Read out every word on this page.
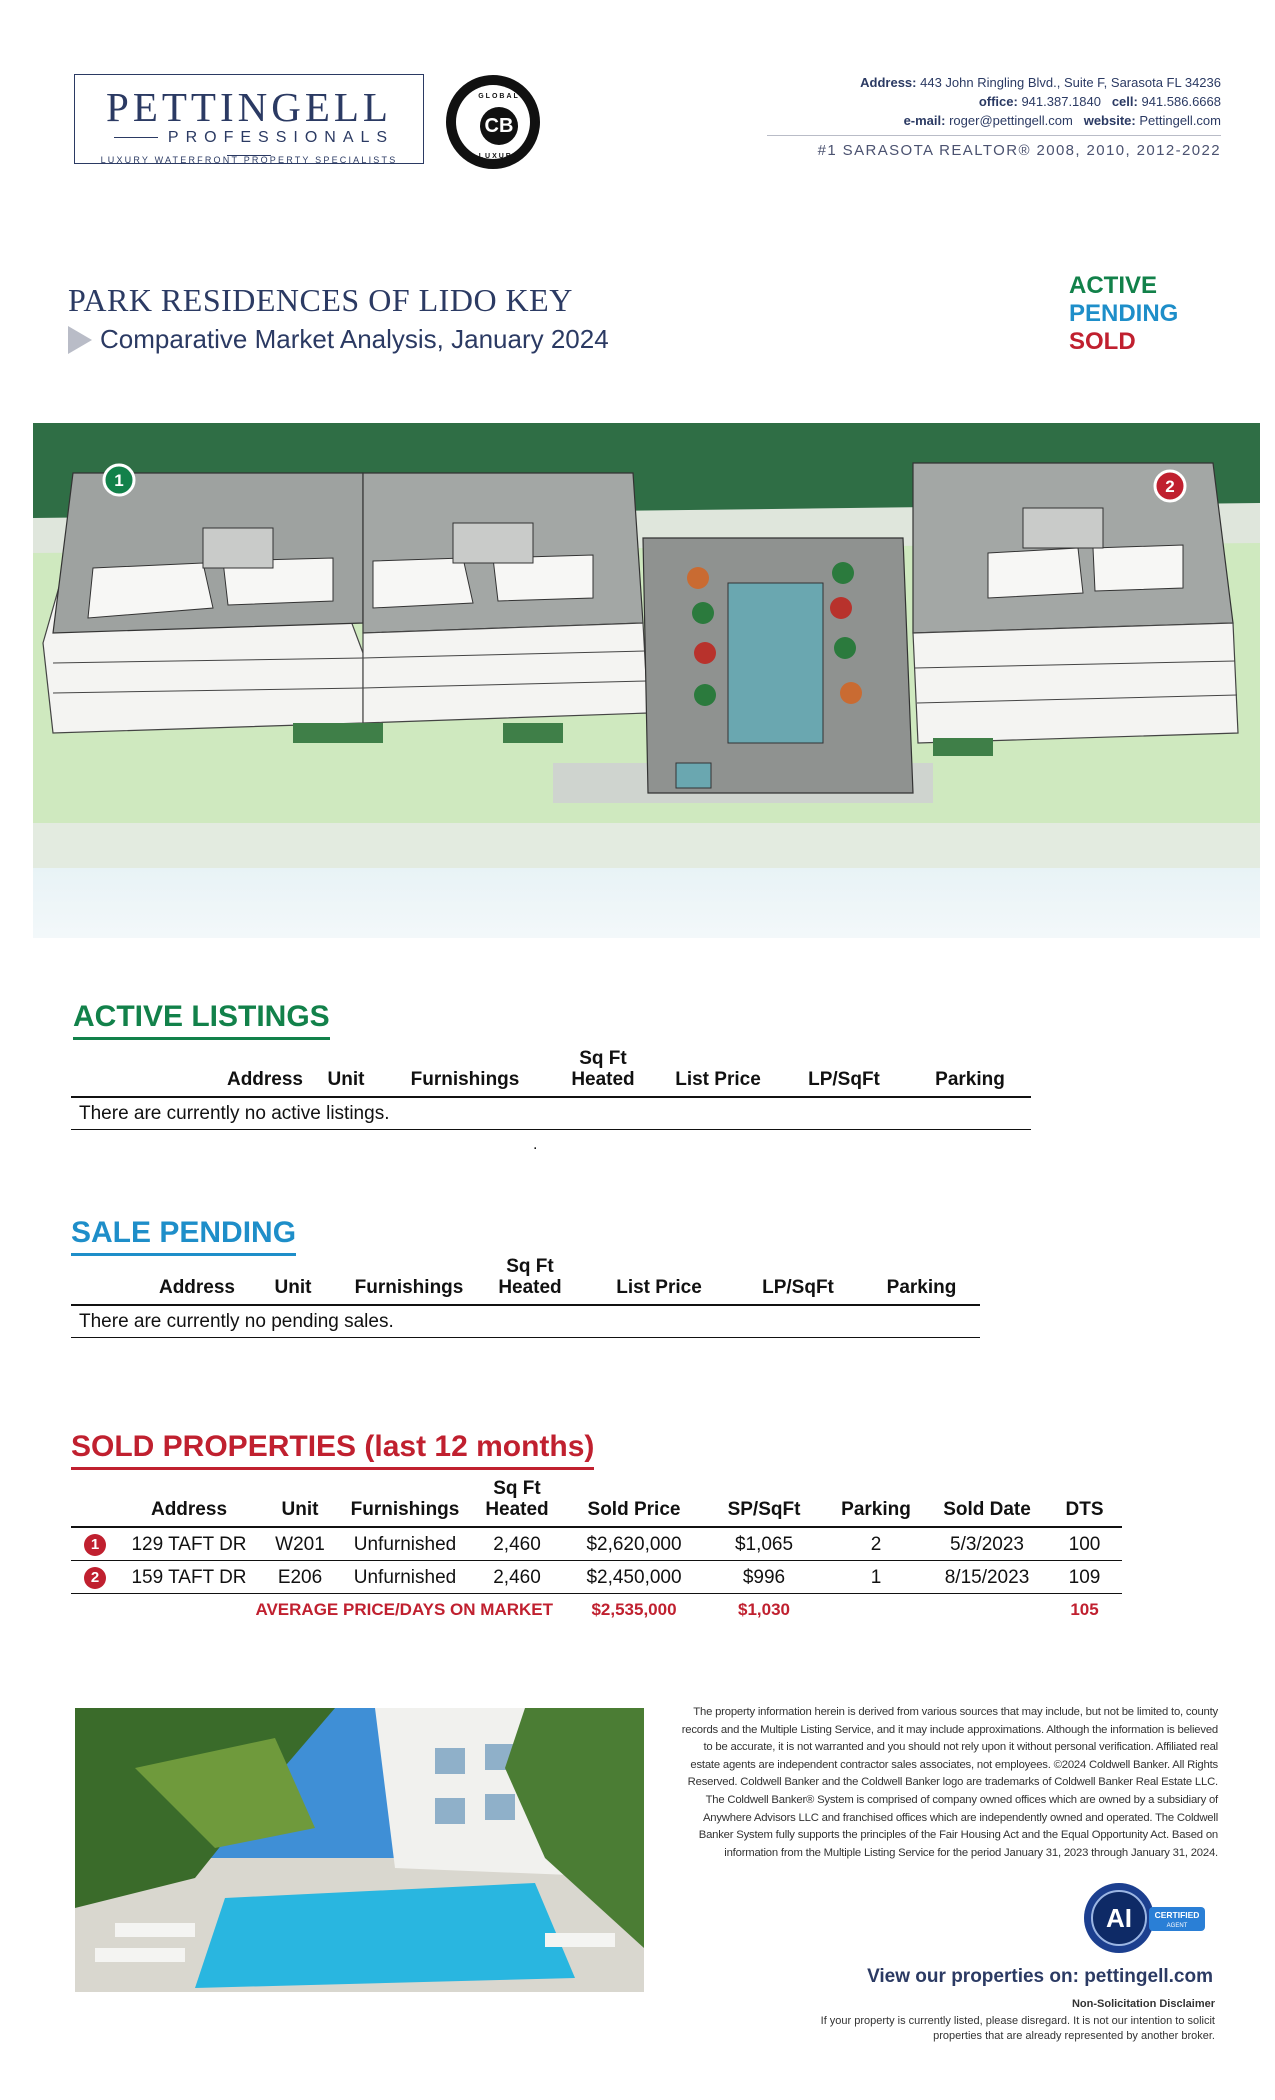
PETTINGELL
PROFESSIONALS
LUXURY WATERFRONT PROPERTY SPECIALISTS
GLOBAL
CB
LUXURY
Address: 443 John Ringling Blvd., Suite F, Sarasota FL 34236
office: 941.387.1840 cell: 941.586.6668
e-mail: roger@pettingell.com website: Pettingell.com
#1 SARASOTA REALTOR® 2008, 2010, 2012-2022
PARK RESIDENCES OF LIDO KEY
Comparative Market Analysis, January 2024
ACTIVE
PENDING
SOLD
1	2
ACTIVE LISTINGS
Address	Unit	Furnishings	
Sq Ft
Heated	List Price	LP/SqFt	Parking
There are currently no active listings.
.
SALE PENDING
Address	Unit	Furnishings	
Sq Ft
Heated	List Price	LP/SqFt	Parking
There are currently no pending sales.
SOLD PROPERTIES (last 12 months)
	Address	Unit	Furnishings	Sq Ft
Heated	Sold Price	SP/SqFt	Parking	Sold Date	DTS
1	129 TAFT DR	W201	Unfurnished	2,460	$2,620,000	$1,065	2	5/3/2023	100
2	159 TAFT DR	E206	Unfurnished	2,460	$2,450,000	$996	1	8/15/2023	109
AVERAGE PRICE/DAYS ON MARKET					$2,535,000	$1,030			105
The property information herein is derived from various sources that may include, but not be limited to, county records and the Multiple Listing Service, and it may include approximations. Although the information is believed to be accurate, it is not warranted and you should not rely upon it without personal verification. Affiliated real estate agents are independent contractor sales associates, not employees. ©2024 Coldwell Banker. All Rights Reserved. Coldwell Banker and the Coldwell Banker logo are trademarks of Coldwell Banker Real Estate LLC. The Coldwell Banker® System is comprised of company owned offices which are owned by a subsidiary of Anywhere Advisors LLC and franchised offices which are independently owned and operated. The Coldwell Banker System fully supports the principles of the Fair Housing Act and the Equal Opportunity Act. Based on information from the Multiple Listing Service for the period January 31, 2023 through January 31, 2024.
AI	CERTIFIED
AGENT
View our properties on: pettingell.com
Non-Solicitation Disclaimer
If your property is currently listed, please disregard. It is not our intention to solicit properties that are already represented by another broker.
